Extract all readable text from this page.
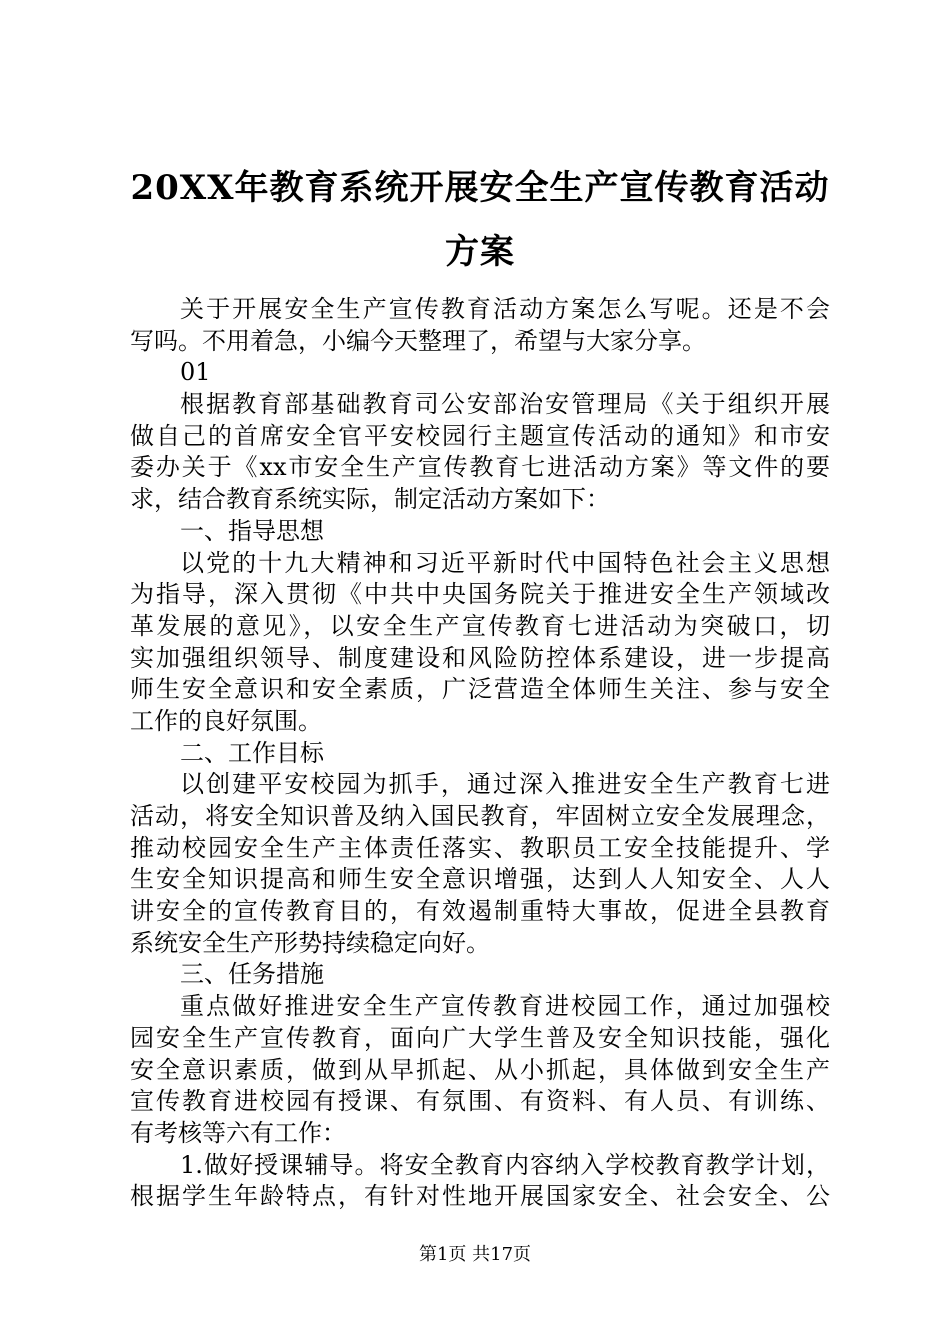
20XX年教育系统开展安全生产宣传教育活动
方案
关于开展安全生产宣传教育活动方案怎么写呢。还是不会
写吗。不用着急，小编今天整理了，希望与大家分享。
01
根据教育部基础教育司公安部治安管理局《关于组织开展
做自己的首席安全官平安校园行主题宣传活动的通知》和市安
委办关于《xx市安全生产宣传教育七进活动方案》等文件的要
求，结合教育系统实际，制定活动方案如下：
一、指导思想
以党的十九大精神和习近平新时代中国特色社会主义思想
为指导，深入贯彻《中共中央国务院关于推进安全生产领域改
革发展的意见》，以安全生产宣传教育七进活动为突破口，切
实加强组织领导、制度建设和风险防控体系建设，进一步提高
师生安全意识和安全素质，广泛营造全体师生关注、参与安全
工作的良好氛围。
二、工作目标
以创建平安校园为抓手，通过深入推进安全生产教育七进
活动，将安全知识普及纳入国民教育，牢固树立安全发展理念，
推动校园安全生产主体责任落实、教职员工安全技能提升、学
生安全知识提高和师生安全意识增强，达到人人知安全、人人
讲安全的宣传教育目的，有效遏制重特大事故，促进全县教育
系统安全生产形势持续稳定向好。
三、任务措施
重点做好推进安全生产宣传教育进校园工作，通过加强校
园安全生产宣传教育，面向广大学生普及安全知识技能，强化
安全意识素质，做到从早抓起、从小抓起，具体做到安全生产
宣传教育进校园有授课、有氛围、有资料、有人员、有训练、
有考核等六有工作：
1.做好授课辅导。将安全教育内容纳入学校教育教学计划，
根据学生年龄特点，有针对性地开展国家安全、社会安全、公
第1页 共17页
